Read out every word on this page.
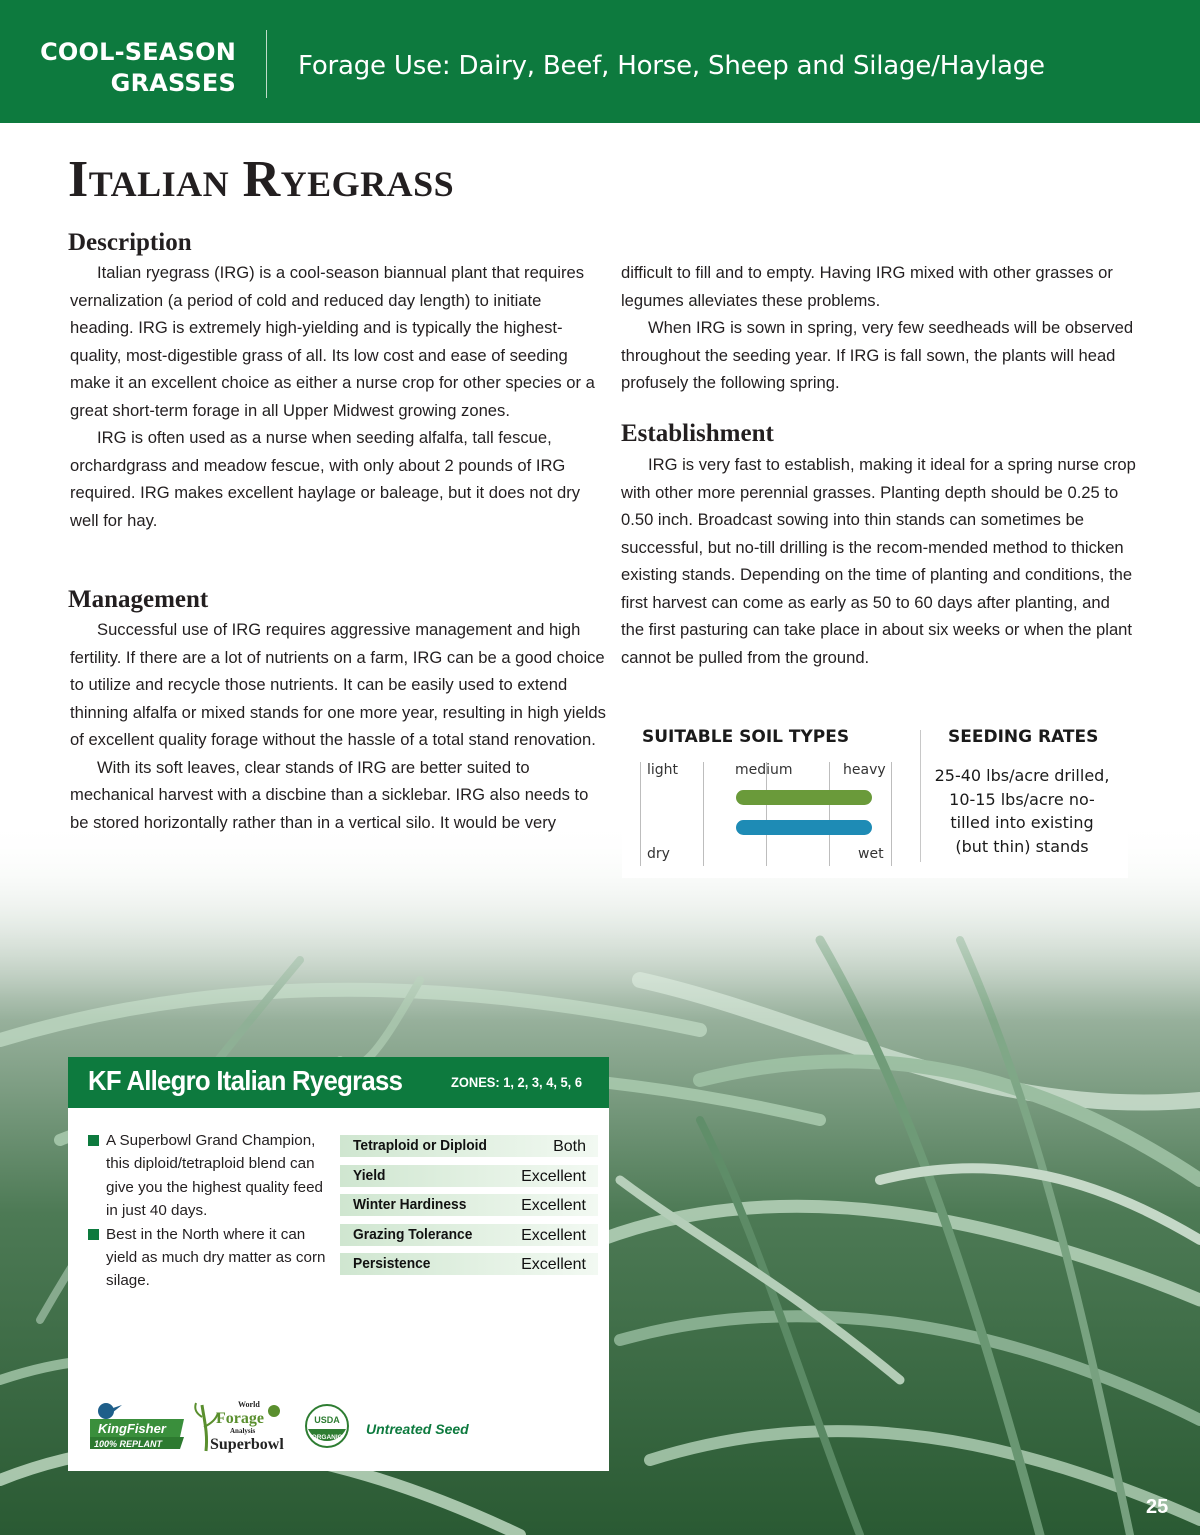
COOL-SEASON
GRASSES
Forage Use: Dairy, Beef, Horse, Sheep and Silage/Haylage
Italian Ryegrass
Description

Italian ryegrass (IRG) is a cool-season biannual plant that requires vernalization (a period of cold and reduced day length) to initiate heading. IRG is extremely high-yielding and is typically the highest-quality, most-digestible grass of all. Its low cost and ease of seeding make it an excellent choice as either a nurse crop for other species or a great short-term forage in all Upper Midwest growing zones.

IRG is often used as a nurse when seeding alfalfa, tall fescue, orchardgrass and meadow fescue, with only about 2 pounds of IRG required. IRG makes excellent haylage or baleage, but it does not dry well for hay.

Management

Successful use of IRG requires aggressive management and high fertility. If there are a lot of nutrients on a farm, IRG can be a good choice to utilize and recycle those nutrients. It can be easily used to extend thinning alfalfa or mixed stands for one more year, resulting in high yields of excellent quality forage without the hassle of a total stand renovation.

With its soft leaves, clear stands of IRG are better suited to mechanical harvest with a discbine than a sicklebar. IRG also needs to be stored horizontally rather than in a vertical silo. It would be very

difficult to fill and to empty. Having IRG mixed with other grasses or legumes alleviates these problems.

When IRG is sown in spring, very few seedheads will be observed throughout the seeding year. If IRG is fall sown, the plants will head profusely the following spring.

Establishment

IRG is very fast to establish, making it ideal for a spring nurse crop with other more perennial grasses. Planting depth should be 0.25 to 0.50 inch. Broadcast sowing into thin stands can sometimes be successful, but no-till drilling is the recom-mended method to thicken existing stands. Depending on the time of planting and conditions, the first harvest can come as early as 50 to 60 days after planting, and the first pasturing can take place in about six weeks or when the plant cannot be pulled from the ground.

SUITABLE SOIL TYPES	SEEDING RATES
light	medium	heavy
dry	wet
25-40 lbs/acre drilled,
10-15 lbs/acre no-
tilled into existing
(but thin) stands
KF Allegro Italian Ryegrass	ZONES: 1, 2, 3, 4, 5, 6
A Superbowl Grand Champion, this diploid/tetraploid blend can give you the highest quality feed in just 40 days.
Best in the North where it can yield as much dry matter as corn silage.
Tetraploid or Diploid	Both
Yield	Excellent
Winter Hardiness	Excellent
Grazing Tolerance	Excellent
Persistence	Excellent
KingFisher
100% REPLANT
World
Forage
Analysis
Superbowl
USDA
ORGANIC
Untreated Seed
25
